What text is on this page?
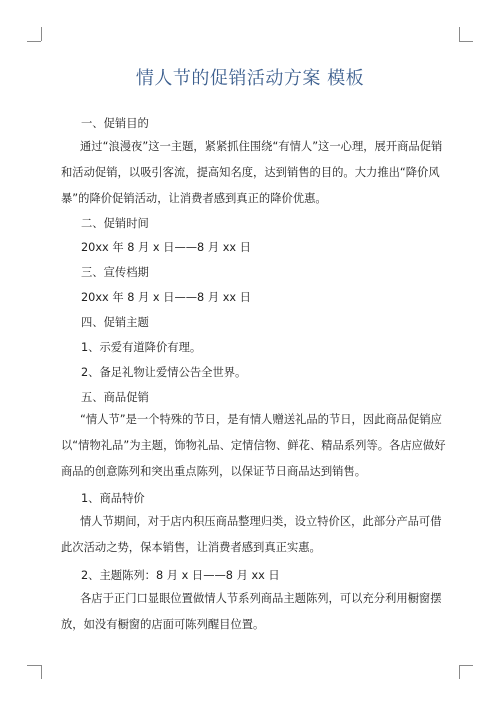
情人节的促销活动方案 模板

一、促销目的

通过“浪漫夜”这一主题，紧紧抓住围绕“有情人”这一心理，展开商品促销和活动促销，以吸引客流，提高知名度，达到销售的目的。大力推出“降价风暴”的降价促销活动，让消费者感到真正的降价优惠。

二、促销时间

20xx 年 8 月 x 日——8 月 xx 日

三、宣传档期

20xx 年 8 月 x 日——8 月 xx 日

四、促销主题

1、示爱有道降价有理。

2、备足礼物让爱情公告全世界。

五、商品促销

“情人节”是一个特殊的节日，是有情人赠送礼品的节日，因此商品促销应以“情物礼品”为主题，饰物礼品、定情信物、鲜花、精品系列等。各店应做好商品的创意陈列和突出重点陈列，以保证节日商品达到销售。

1、商品特价

情人节期间，对于店内积压商品整理归类，设立特价区，此部分产品可借此次活动之势，保本销售，让消费者感到真正实惠。

2、主题陈列：8 月 x 日——8 月 xx 日

各店于正门口显眼位置做情人节系列商品主题陈列，可以充分利用橱窗摆放，如没有橱窗的店面可陈列醒目位置。
